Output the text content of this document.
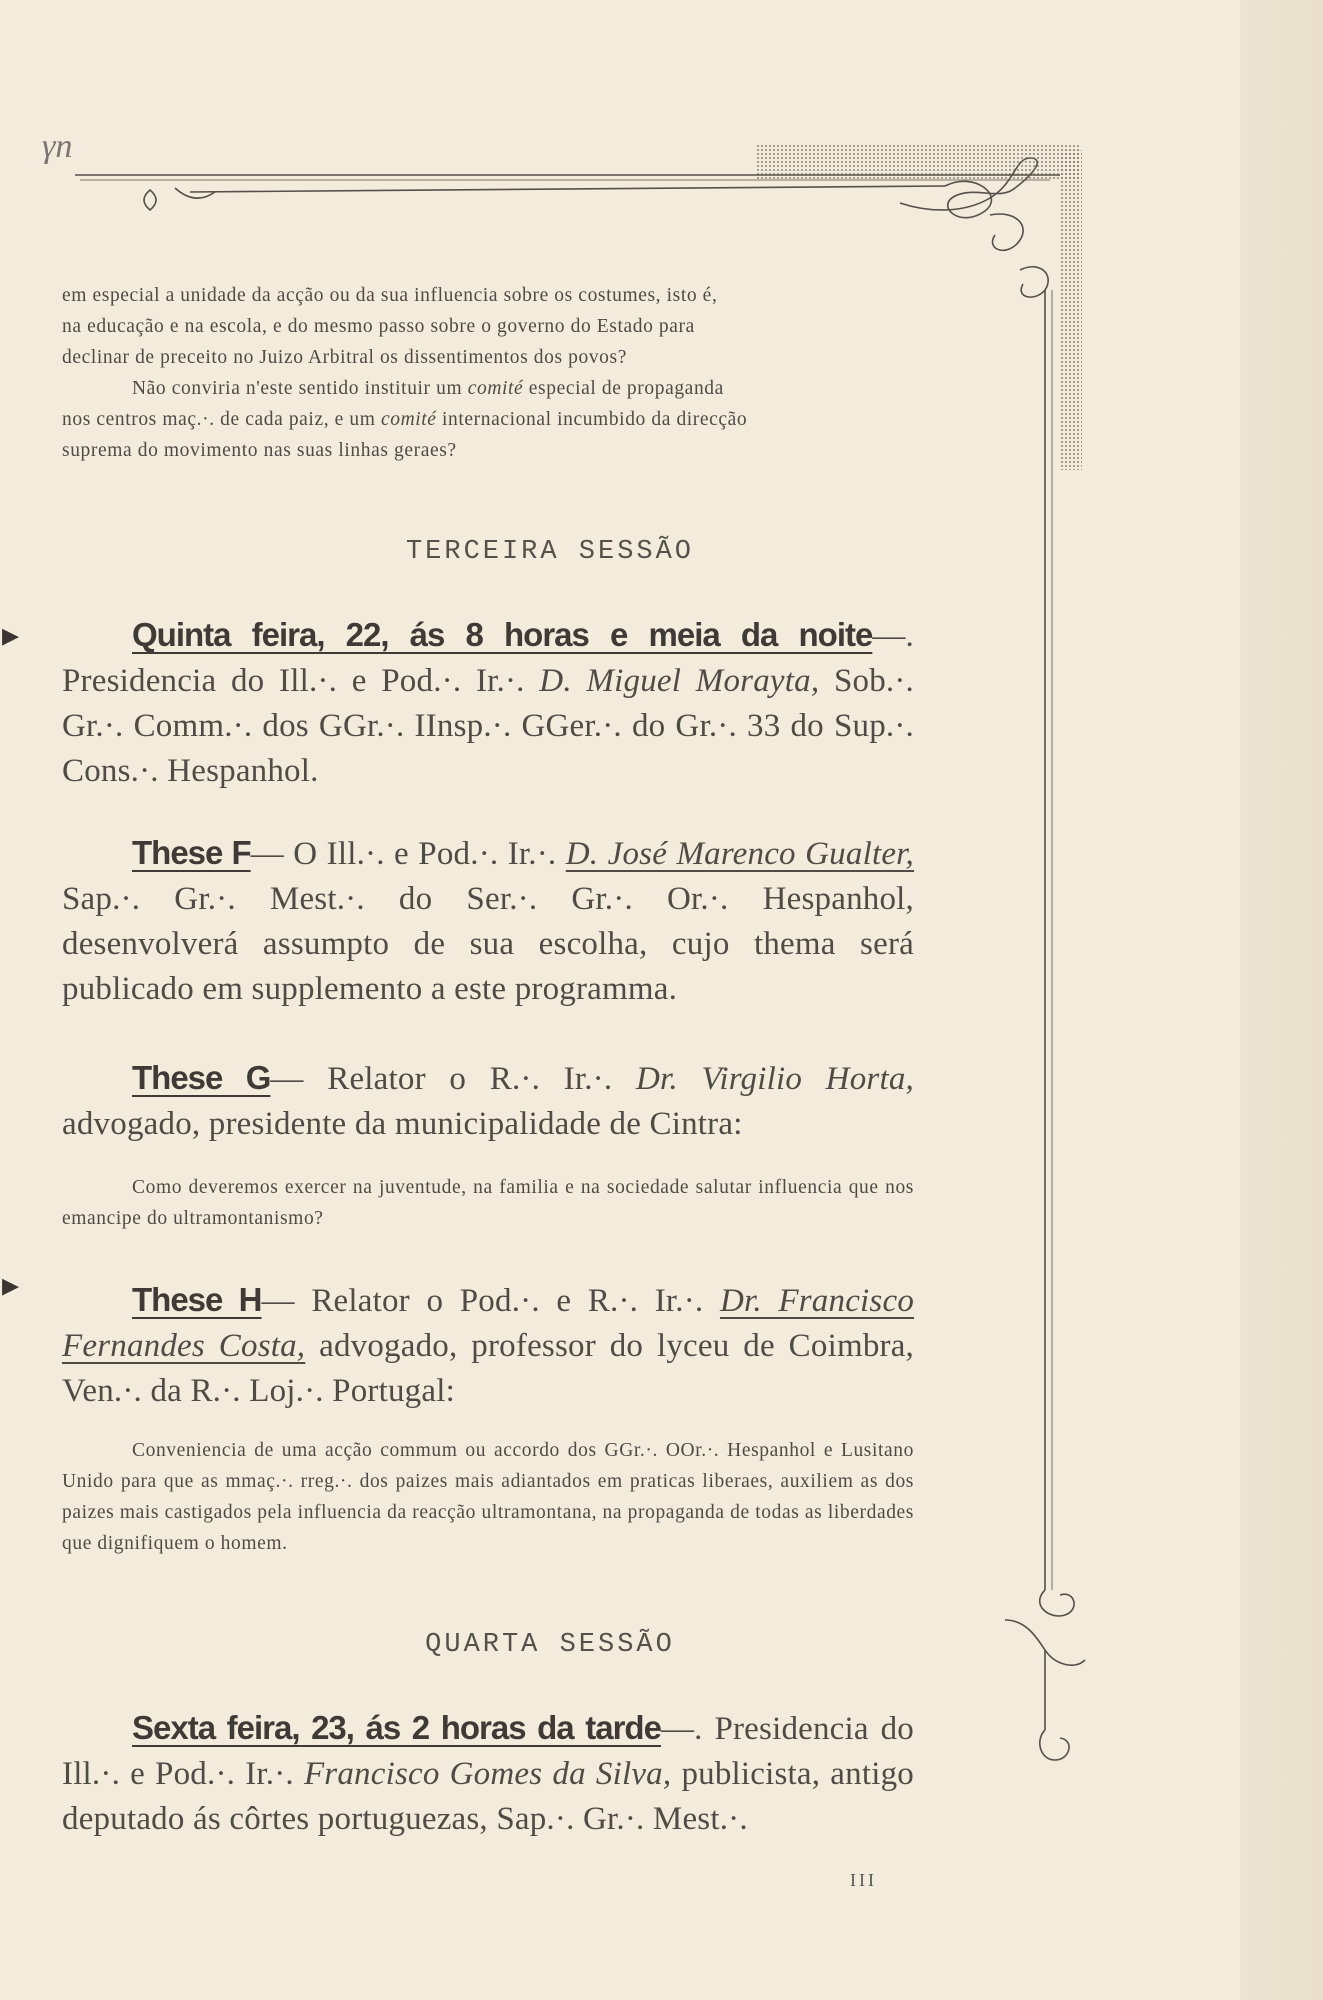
γn
▸
▸

em especial a unidade da acção ou da sua influencia sobre os costumes, isto é,

na educação e na escola, e do mesmo passo sobre o governo do Estado para

declinar de preceito no Juizo Arbitral os dissentimentos dos povos?

Não conviria n'este sentido instituir um comité especial de propaganda

nos centros maç.·. de cada paiz, e um comité internacional incumbido da direcção

suprema do movimento nas suas linhas geraes?

TERCEIRA SESSÃO

Quinta feira, 22, ás 8 horas e meia da noite—. Presidencia do Ill.·. e Pod.·. Ir.·. D. Miguel Morayta, Sob.·. Gr.·. Comm.·. dos GGr.·. IInsp.·. GGer.·. do Gr.·. 33 do Sup.·. Cons.·. Hespanhol.

These F— O Ill.·. e Pod.·. Ir.·. D. José Marenco Gualter, Sap.·. Gr.·. Mest.·. do Ser.·. Gr.·. Or.·. Hespanhol, desenvolverá assumpto de sua escolha, cujo thema será publicado em supplemento a este programma.

These G— Relator o R.·. Ir.·. Dr. Virgilio Horta, advogado, presidente da municipalidade de Cintra:

Como deveremos exercer na juventude, na familia e na sociedade salutar influencia que nos emancipe do ultramontanismo?

These H— Relator o Pod.·. e R.·. Ir.·. Dr. Francisco Fernandes Costa, advogado, professor do lyceu de Coimbra, Ven.·. da R.·. Loj.·. Portugal:

Conveniencia de uma acção commum ou accordo dos GGr.·. OOr.·. Hespanhol e Lusitano Unido para que as mmaç.·. rreg.·. dos paizes mais adiantados em praticas liberaes, auxiliem as dos paizes mais castigados pela influencia da reacção ultramontana, na propaganda de todas as liberdades que dignifiquem o homem.

QUARTA SESSÃO

Sexta feira, 23, ás 2 horas da tarde—. Presidencia do Ill.·. e Pod.·. Ir.·. Francisco Gomes da Silva, publicista, antigo deputado ás côrtes portuguezas, Sap.·. Gr.·. Mest.·.

III
